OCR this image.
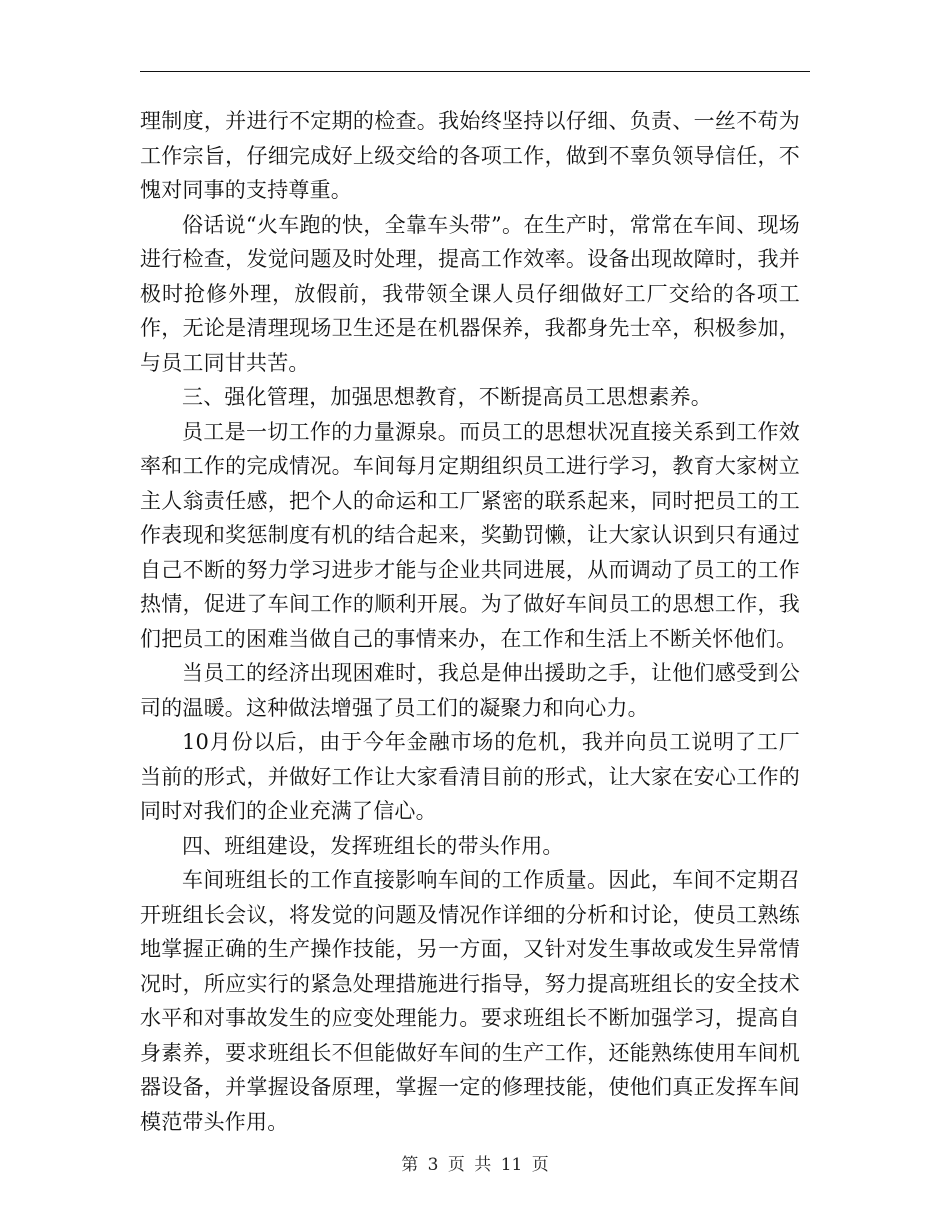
理制度，并进行不定期的检查。我始终坚持以仔细、负责、一丝不苟为工作宗旨，仔细完成好上级交给的各项工作，做到不辜负领导信任，不愧对同事的支持尊重。

俗话说“火车跑的快，全靠车头带”。在生产时，常常在车间、现场进行检查，发觉问题及时处理，提高工作效率。设备出现故障时，我并极时抢修外理，放假前，我带领全课人员仔细做好工厂交给的各项工作，无论是清理现场卫生还是在机器保养，我都身先士卒，积极参加，与员工同甘共苦。

三、强化管理，加强思想教育，不断提高员工思想素养。

员工是一切工作的力量源泉。而员工的思想状况直接关系到工作效率和工作的完成情况。车间每月定期组织员工进行学习，教育大家树立主人翁责任感，把个人的命运和工厂紧密的联系起来，同时把员工的工作表现和奖惩制度有机的结合起来，奖勤罚懒，让大家认识到只有通过自己不断的努力学习进步才能与企业共同进展，从而调动了员工的工作热情，促进了车间工作的顺利开展。为了做好车间员工的思想工作，我们把员工的困难当做自己的事情来办，在工作和生活上不断关怀他们。

当员工的经济出现困难时，我总是伸出援助之手，让他们感受到公司的温暖。这种做法增强了员工们的凝聚力和向心力。

10月份以后，由于今年金融市场的危机，我并向员工说明了工厂当前的形式，并做好工作让大家看清目前的形式，让大家在安心工作的同时对我们的企业充满了信心。

四、班组建设，发挥班组长的带头作用。

车间班组长的工作直接影响车间的工作质量。因此，车间不定期召开班组长会议，将发觉的问题及情况作详细的分析和讨论，使员工熟练地掌握正确的生产操作技能，另一方面，又针对发生事故或发生异常情况时，所应实行的紧急处理措施进行指导，努力提高班组长的安全技术水平和对事故发生的应变处理能力。要求班组长不断加强学习，提高自身素养，要求班组长不但能做好车间的生产工作，还能熟练使用车间机器设备，并掌握设备原理，掌握一定的修理技能，使他们真正发挥车间模范带头作用。

第 3 页 共 11 页
